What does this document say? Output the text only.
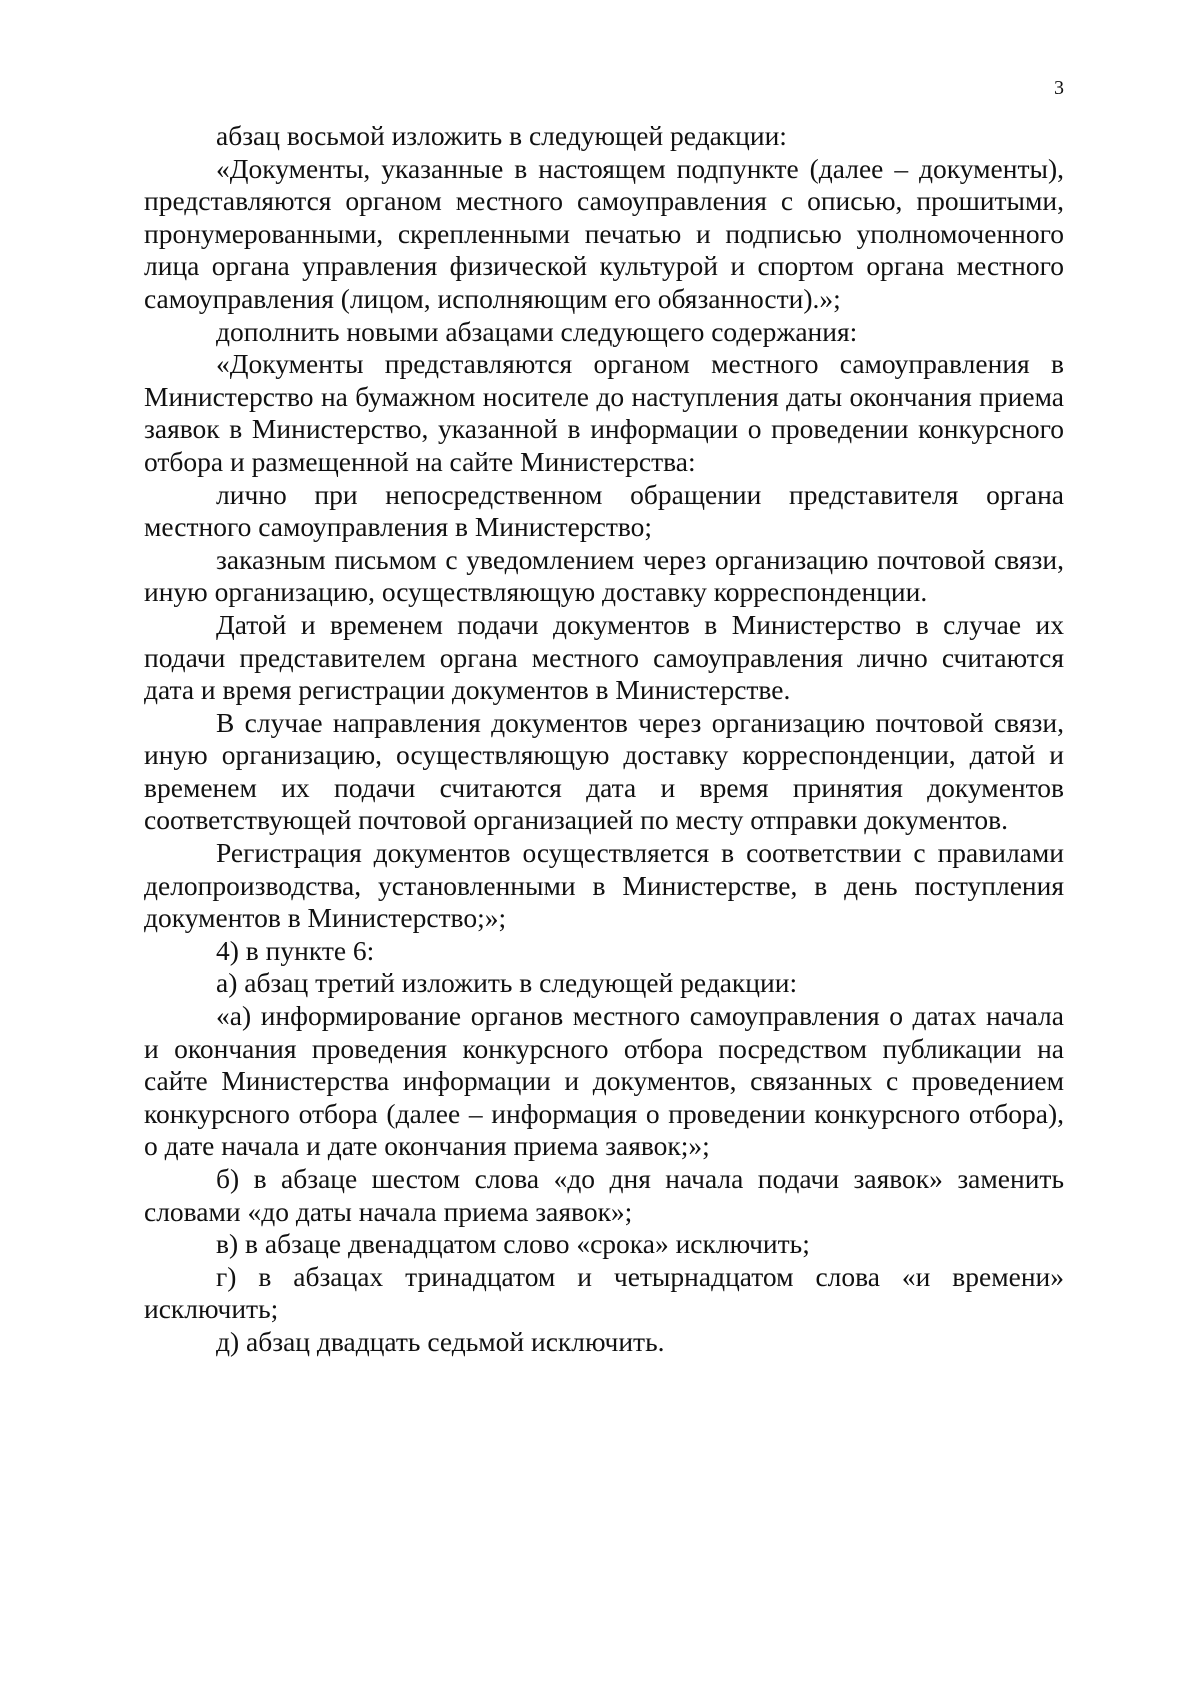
3

абзац восьмой изложить в следующей редакции:

«Документы, указанные в настоящем подпункте (далее – документы), представляются органом местного самоуправления с описью, прошитыми, пронумерованными, скрепленными печатью и подписью уполномоченного лица органа управления физической культурой и спортом органа местного самоуправления (лицом, исполняющим его обязанности).»;

дополнить новыми абзацами следующего содержания:

«Документы представляются органом местного самоуправления в Министерство на бумажном носителе до наступления даты окончания приема заявок в Министерство, указанной в информации о проведении конкурсного отбора и размещенной на сайте Министерства:

лично при непосредственном обращении представителя органа местного самоуправления в Министерство;

заказным письмом с уведомлением через организацию почтовой связи, иную организацию, осуществляющую доставку корреспонденции.

Датой и временем подачи документов в Министерство в случае их подачи представителем органа местного самоуправления лично считаются дата и время регистрации документов в Министерстве.

В случае направления документов через организацию почтовой связи, иную организацию, осуществляющую доставку корреспонденции, датой и временем их подачи считаются дата и время принятия документов соответствующей почтовой организацией по месту отправки документов.

Регистрация документов осуществляется в соответствии с правилами делопроизводства, установленными в Министерстве, в день поступления документов в Министерство;»;

4) в пункте 6:

а) абзац третий изложить в следующей редакции:

«а) информирование органов местного самоуправления о датах начала и окончания проведения конкурсного отбора посредством публикации на сайте Министерства информации и документов, связанных с проведением конкурсного отбора (далее – информация о проведении конкурсного отбора), о дате начала и дате окончания приема заявок;»;

б) в абзаце шестом слова «до дня начала подачи заявок» заменить словами «до даты начала приема заявок»;

в) в абзаце двенадцатом слово «срока» исключить;

г) в абзацах тринадцатом и четырнадцатом слова «и времени» исключить;

д) абзац двадцать седьмой исключить.
